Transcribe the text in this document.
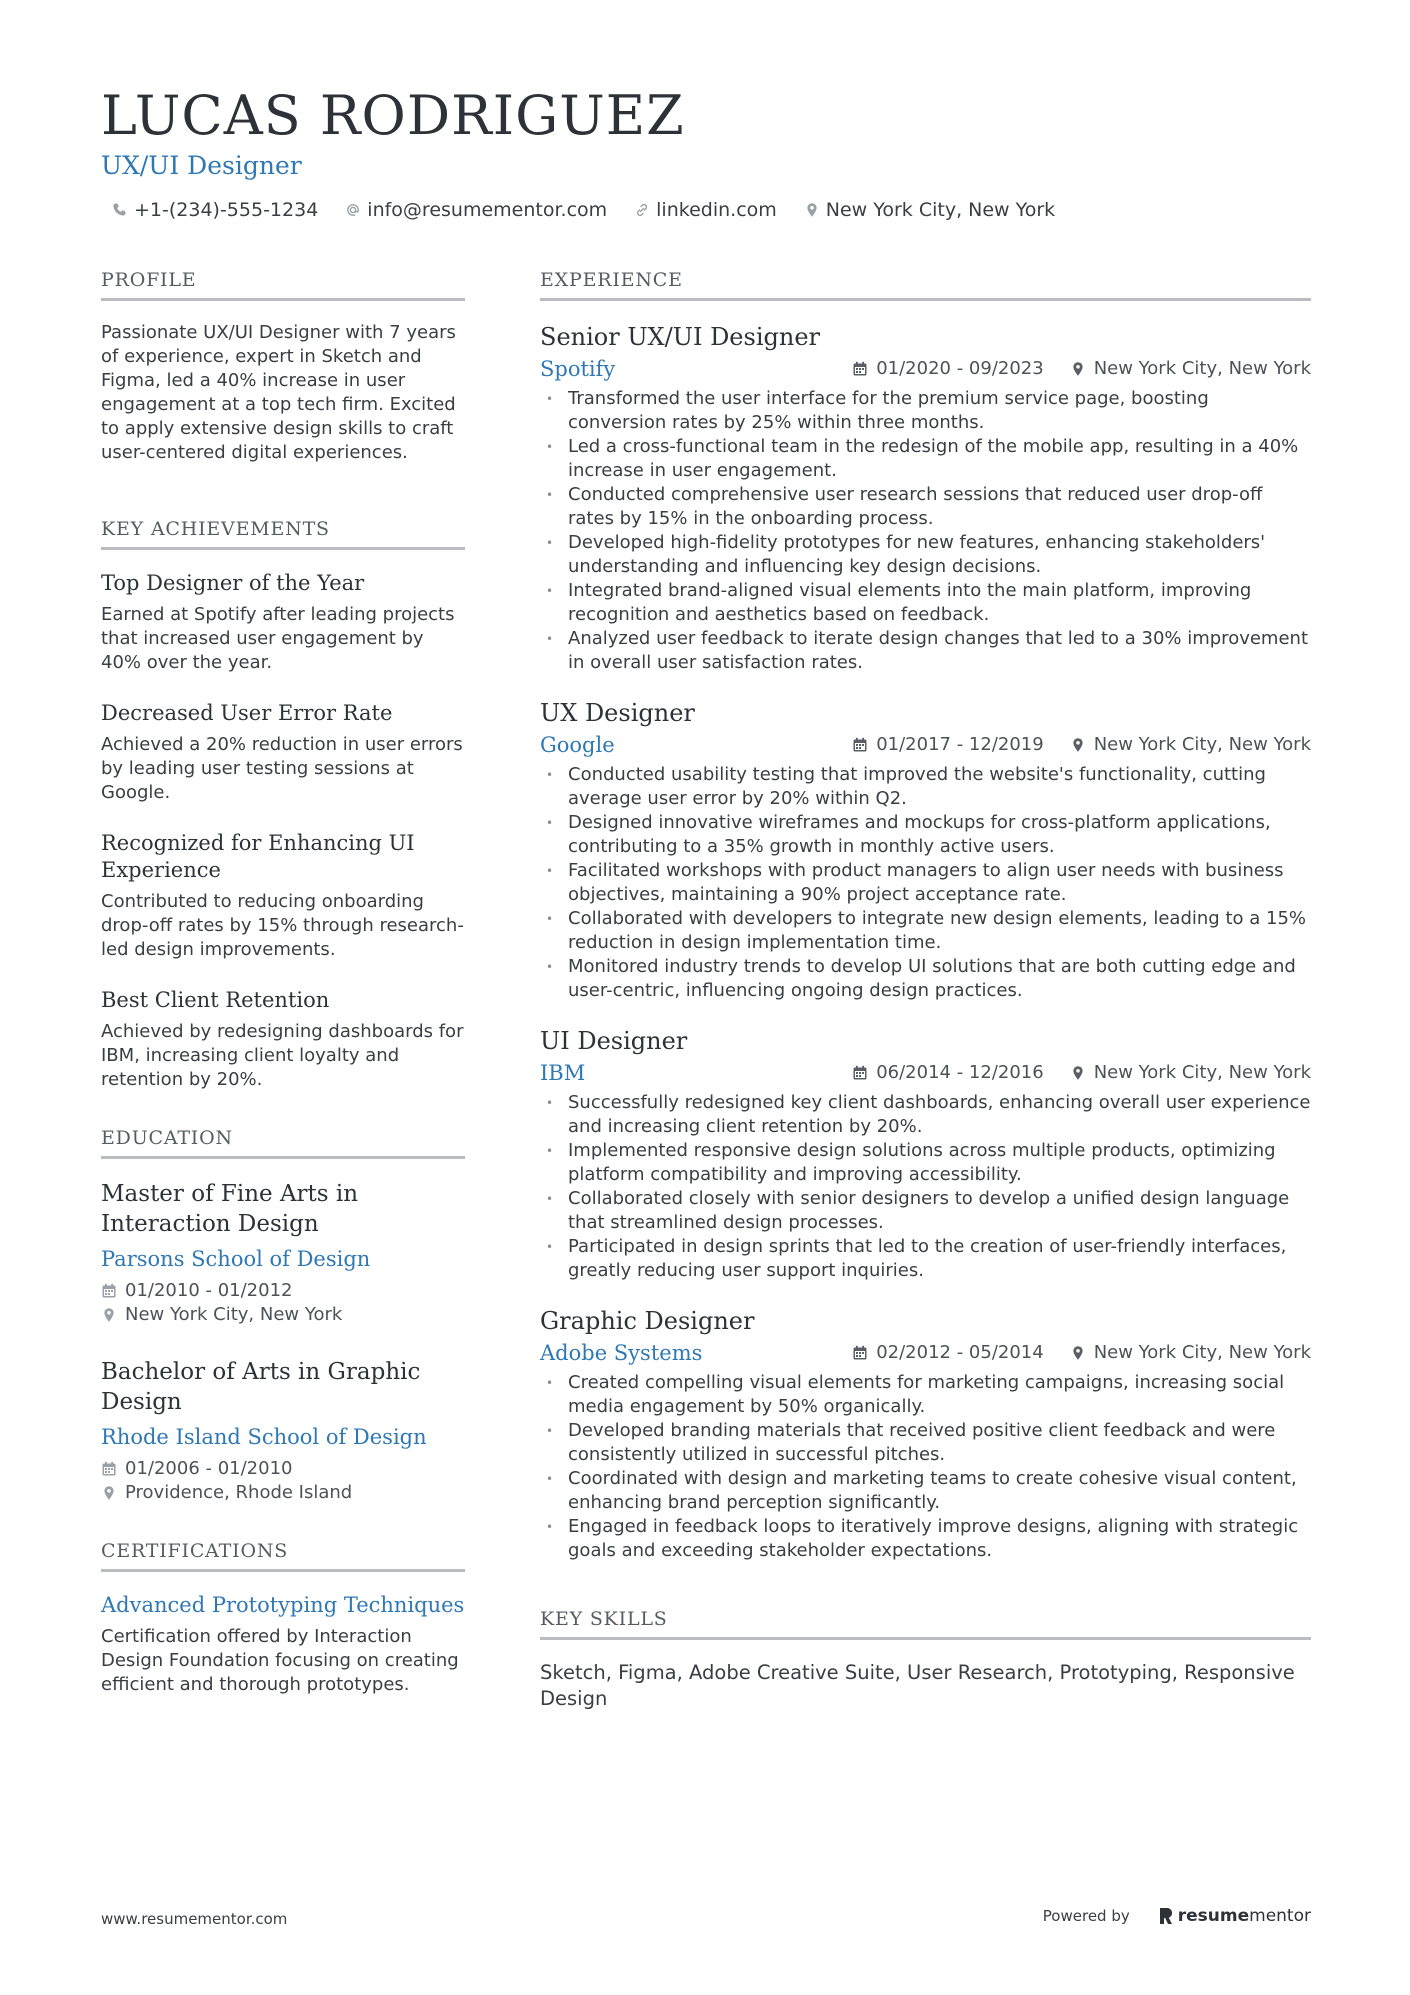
LUCAS RODRIGUEZ
UX/UI Designer
+1-(234)-555-1234	info@resumementor.com	linkedin.com	New York City, New York
PROFILE
Passionate UX/UI Designer with 7 years of experience, expert in Sketch and Figma, led a 40% increase in user engagement at a top tech firm. Excited to apply extensive design skills to craft user-centered digital experiences.
KEY ACHIEVEMENTS
Top Designer of the Year
Earned at Spotify after leading projects that increased user engagement by 40% over the year.
Decreased User Error Rate
Achieved a 20% reduction in user errors by leading user testing sessions at Google.
Recognized for Enhancing UI Experience
Contributed to reducing onboarding drop-off rates by 15% through research-led design improvements.
Best Client Retention
Achieved by redesigning dashboards for IBM, increasing client loyalty and retention by 20%.
EDUCATION
Master of Fine Arts in Interaction Design
Parsons School of Design
01/2010 - 01/2012
New York City, New York
Bachelor of Arts in Graphic Design
Rhode Island School of Design
01/2006 - 01/2010
Providence, Rhode Island
CERTIFICATIONS
Advanced Prototyping Techniques
Certification offered by Interaction Design Foundation focusing on creating efficient and thorough prototypes.
EXPERIENCE
Senior UX/UI Designer
Spotify	01/2020 - 09/2023	New York City, New York
• Transformed the user interface for the premium service page, boosting conversion rates by 25% within three months.
• Led a cross-functional team in the redesign of the mobile app, resulting in a 40% increase in user engagement.
• Conducted comprehensive user research sessions that reduced user drop-off rates by 15% in the onboarding process.
• Developed high-fidelity prototypes for new features, enhancing stakeholders' understanding and influencing key design decisions.
• Integrated brand-aligned visual elements into the main platform, improving recognition and aesthetics based on feedback.
• Analyzed user feedback to iterate design changes that led to a 30% improvement in overall user satisfaction rates.
UX Designer
Google	01/2017 - 12/2019	New York City, New York
• Conducted usability testing that improved the website's functionality, cutting average user error by 20% within Q2.
• Designed innovative wireframes and mockups for cross-platform applications, contributing to a 35% growth in monthly active users.
• Facilitated workshops with product managers to align user needs with business objectives, maintaining a 90% project acceptance rate.
• Collaborated with developers to integrate new design elements, leading to a 15% reduction in design implementation time.
• Monitored industry trends to develop UI solutions that are both cutting edge and user-centric, influencing ongoing design practices.
UI Designer
IBM	06/2014 - 12/2016	New York City, New York
• Successfully redesigned key client dashboards, enhancing overall user experience and increasing client retention by 20%.
• Implemented responsive design solutions across multiple products, optimizing platform compatibility and improving accessibility.
• Collaborated closely with senior designers to develop a unified design language that streamlined design processes.
• Participated in design sprints that led to the creation of user-friendly interfaces, greatly reducing user support inquiries.
Graphic Designer
Adobe Systems	02/2012 - 05/2014	New York City, New York
• Created compelling visual elements for marketing campaigns, increasing social media engagement by 50% organically.
• Developed branding materials that received positive client feedback and were consistently utilized in successful pitches.
• Coordinated with design and marketing teams to create cohesive visual content, enhancing brand perception significantly.
• Engaged in feedback loops to iteratively improve designs, aligning with strategic goals and exceeding stakeholder expectations.
KEY SKILLS
Sketch, Figma, Adobe Creative Suite, User Research, Prototyping, Responsive Design
www.resumementor.com	Powered by	resume mentor
